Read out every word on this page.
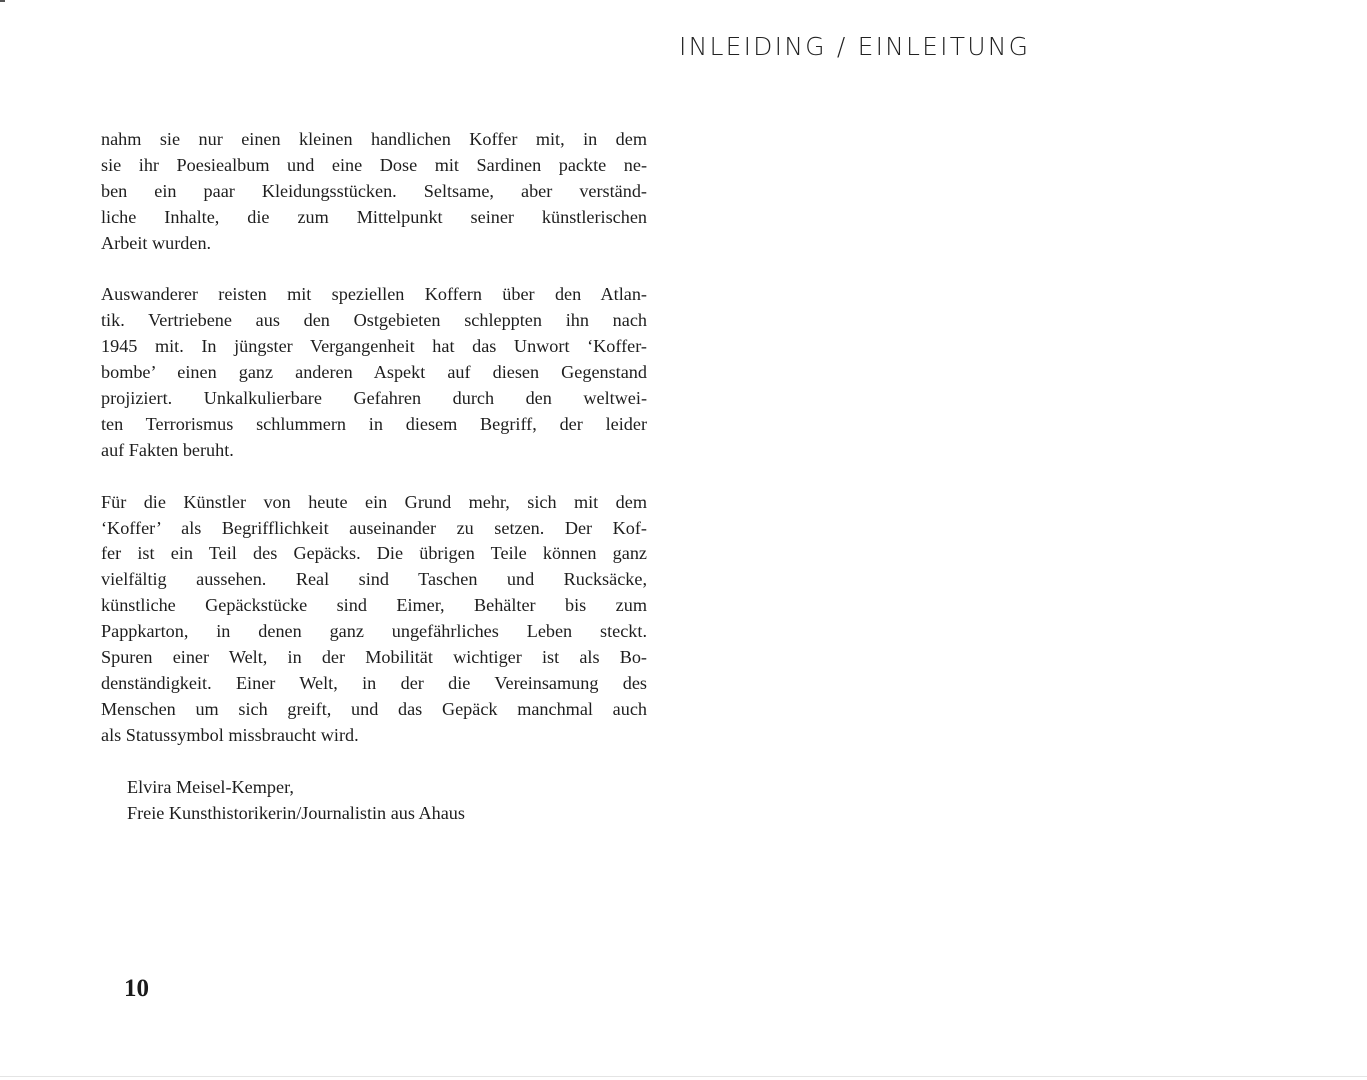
INLEIDING / EINLEITUNG

nahm sie nur einen kleinen handlichen Koffer mit, in dem
sie ihr Poesiealbum und eine Dose mit Sardinen packte ne-
ben ein paar Kleidungsstücken. Seltsame, aber verständ-
liche Inhalte, die zum Mittelpunkt seiner künstlerischen
Arbeit wurden.

Auswanderer reisten mit speziellen Koffern über den Atlan-
tik. Vertriebene aus den Ostgebieten schleppten ihn nach
1945 mit. In jüngster Vergangenheit hat das Unwort ‘Koffer-
bombe’ einen ganz anderen Aspekt auf diesen Gegenstand
projiziert. Unkalkulierbare Gefahren durch den weltwei-
ten Terrorismus schlummern in diesem Begriff, der leider
auf Fakten beruht.

Für die Künstler von heute ein Grund mehr, sich mit dem
‘Koffer’ als Begrifflichkeit auseinander zu setzen. Der Kof-
fer ist ein Teil des Gepäcks. Die übrigen Teile können ganz
vielfältig aussehen. Real sind Taschen und Rucksäcke,
künstliche Gepäckstücke sind Eimer, Behälter bis zum
Pappkarton, in denen ganz ungefährliches Leben steckt.
Spuren einer Welt, in der Mobilität wichtiger ist als Bo-
denständigkeit. Einer Welt, in der die Vereinsamung des
Menschen um sich greift, und das Gepäck manchmal auch
als Statussymbol missbraucht wird.

Elvira Meisel-Kemper,
Freie Kunsthistorikerin/Journalistin aus Ahaus
10
